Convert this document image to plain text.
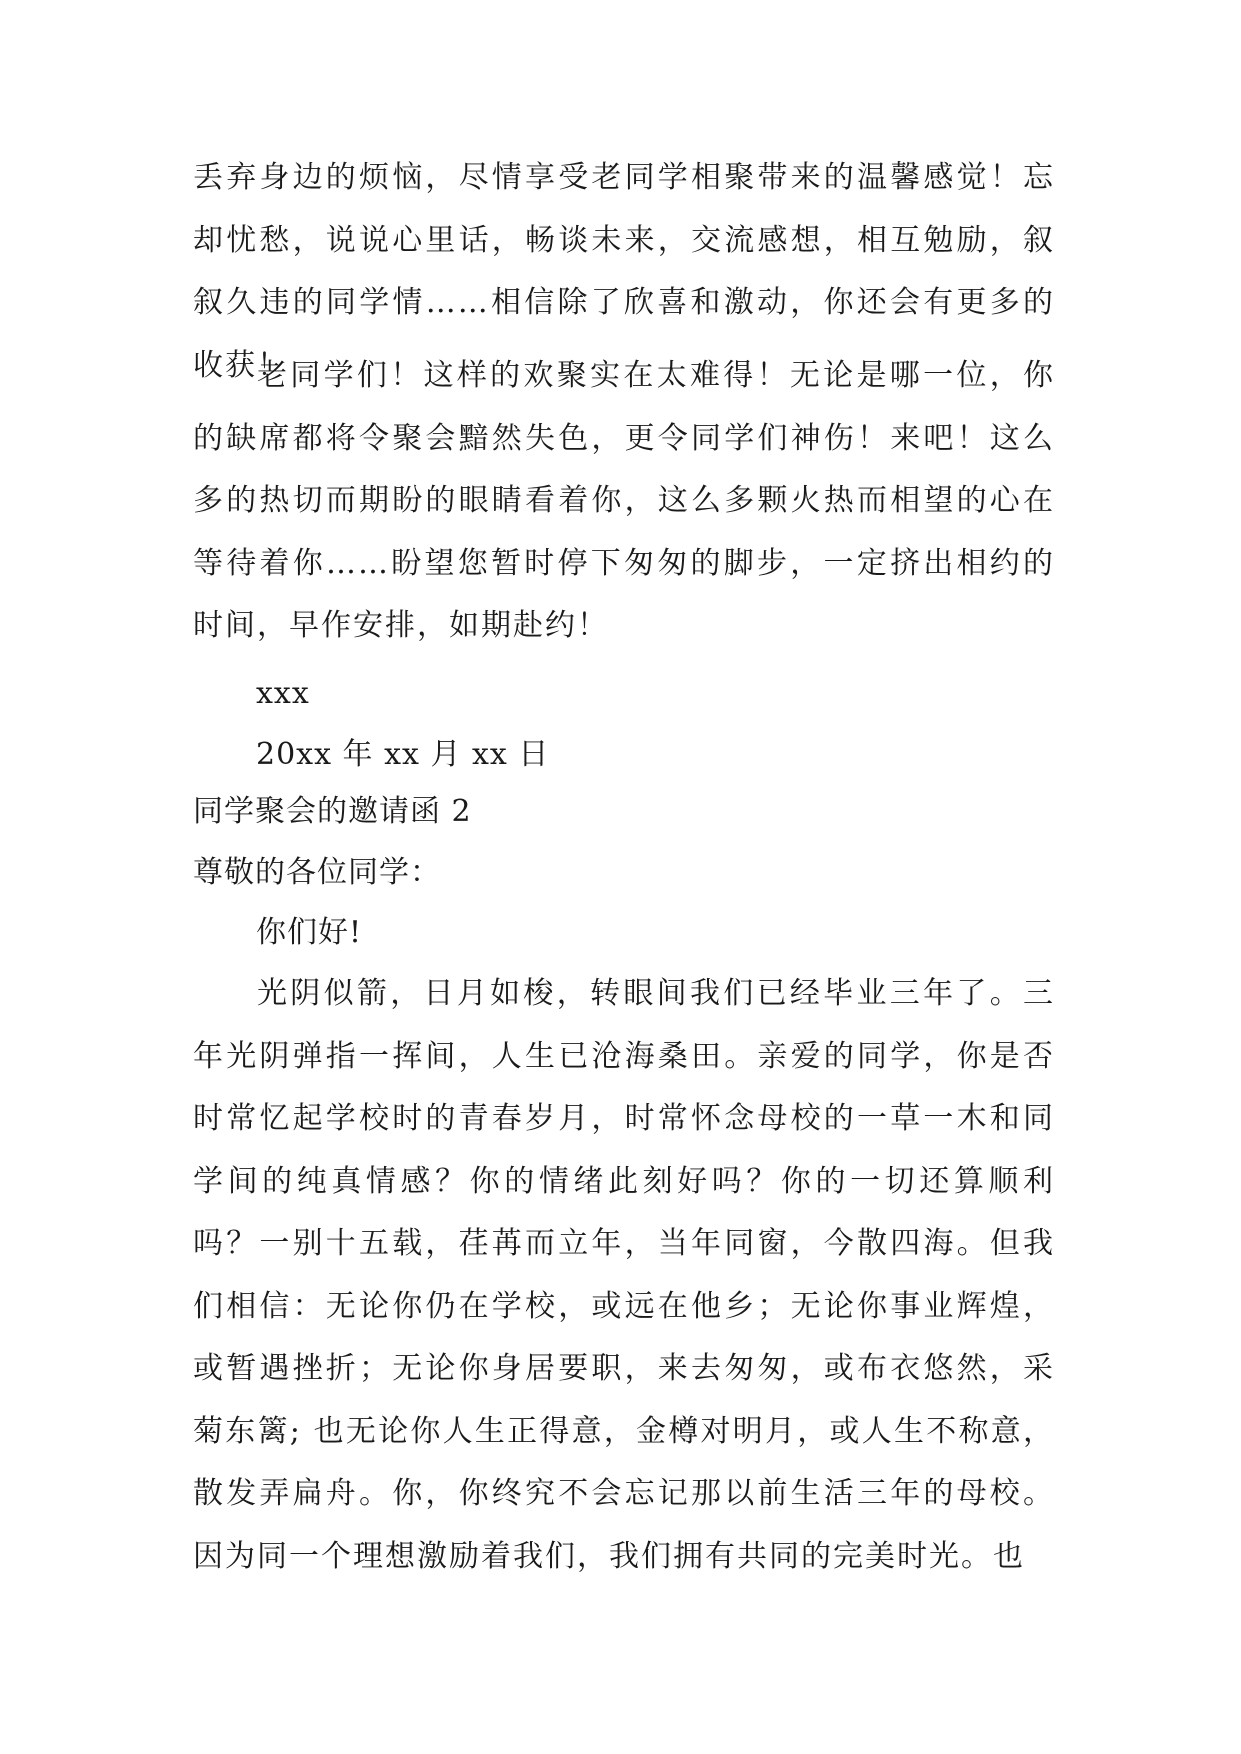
丢弃身边的烦恼，尽情享受老同学相聚带来的温馨感觉！忘却忧愁，说说心里话，畅谈未来，交流感想，相互勉励，叙叙久违的同学情……相信除了欣喜和激动，你还会有更多的收获！

老同学们！这样的欢聚实在太难得！无论是哪一位，你的缺席都将令聚会黯然失色，更令同学们神伤！来吧！这么多的热切而期盼的眼睛看着你，这么多颗火热而相望的心在等待着你……盼望您暂时停下匆匆的脚步，一定挤出相约的时间，早作安排，如期赴约！

xxx

20xx 年 xx 月 xx 日

同学聚会的邀请函 2

尊敬的各位同学：

你们好!

光阴似箭，日月如梭，转眼间我们已经毕业三年了。三年光阴弹指一挥间，人生已沧海桑田。亲爱的同学，你是否时常忆起学校时的青春岁月，时常怀念母校的一草一木和同学间的纯真情感？你的情绪此刻好吗？你的一切还算顺利吗？一别十五载，荏苒而立年，当年同窗，今散四海。但我们相信：无论你仍在学校，或远在他乡；无论你事业辉煌，或暂遇挫折；无论你身居要职，来去匆匆，或布衣悠然，采菊东篱; 也无论你人生正得意，金樽对明月，或人生不称意，散发弄扁舟。你，你终究不会忘记那以前生活三年的母校。因为同一个理想激励着我们，我们拥有共同的完美时光。也
